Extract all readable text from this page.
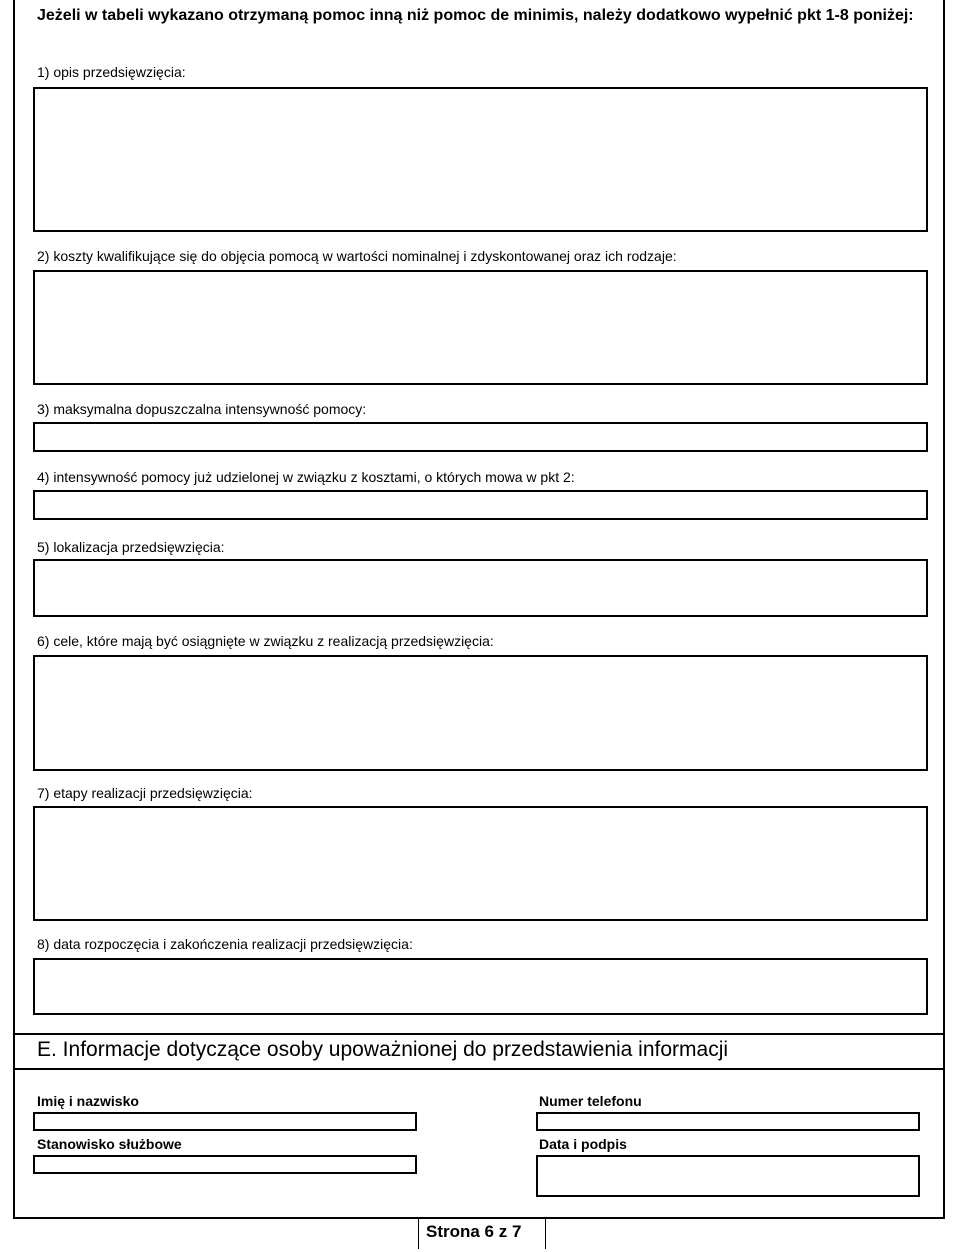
Jeżeli w tabeli wykazano otrzymaną pomoc inną niż pomoc de minimis, należy dodatkowo wypełnić pkt 1-8 poniżej:
1) opis przedsięwzięcia:
2) koszty kwalifikujące się do objęcia pomocą w wartości nominalnej i zdyskontowanej oraz ich rodzaje:
3) maksymalna dopuszczalna intensywność pomocy:
4) intensywność pomocy już udzielonej w związku z kosztami, o których mowa w pkt 2:
5) lokalizacja przedsięwzięcia:
6) cele, które mają być osiągnięte w związku z realizacją przedsięwzięcia:
7) etapy realizacji przedsięwzięcia:
8) data rozpoczęcia i zakończenia realizacji przedsięwzięcia:
E. Informacje dotyczące osoby upoważnionej do przedstawienia informacji
Imię i nazwisko	Numer telefonu
Stanowisko służbowe	Data i podpis
Strona 6 z 7
